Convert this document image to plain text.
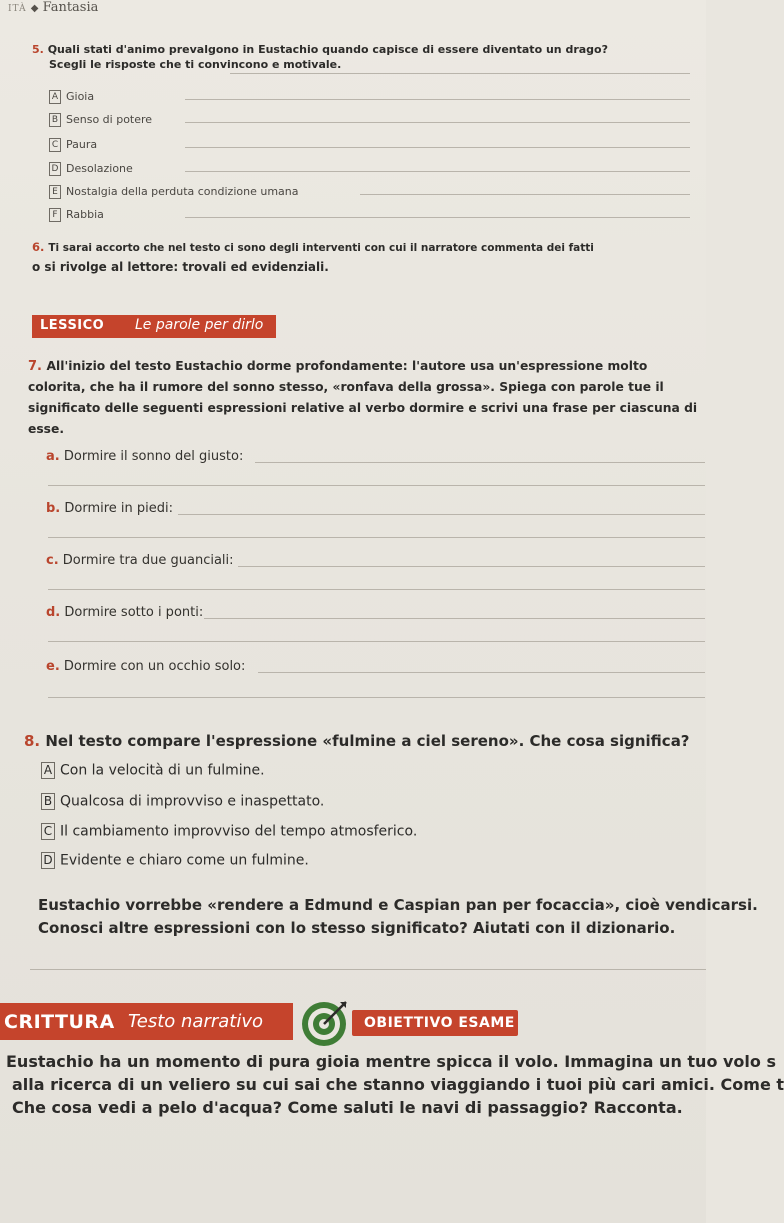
ITÀ ◆ Fantasia
5. Quali stati d'animo prevalgono in Eustachio quando capisce di essere diventato un drago?
Scegli le risposte che ti convincono e motivale.
A Gioia
B Senso di potere
C Paura
D Desolazione
E Nostalgia della perduta condizione umana
F Rabbia
6. Ti sarai accorto che nel testo ci sono degli interventi con cui il narratore commenta dei fatti
o si rivolge al lettore: trovali ed evidenziali.
LESSICO Le parole per dirlo
7. All'inizio del testo Eustachio dorme profondamente: l'autore usa un'espressione molto colorita, che ha il rumore del sonno stesso, «ronfava della grossa». Spiega con parole tue il significato delle seguenti espressioni relative al verbo dormire e scrivi una frase per ciascuna di esse.
a. Dormire il sonno del giusto:
b. Dormire in piedi:
c. Dormire tra due guanciali:
d. Dormire sotto i ponti:
e. Dormire con un occhio solo:
8. Nel testo compare l'espressione «fulmine a ciel sereno». Che cosa significa?
A Con la velocità di un fulmine.
B Qualcosa di improvviso e inaspettato.
C Il cambiamento improvviso del tempo atmosferico.
D Evidente e chiaro come un fulmine.
Eustachio vorrebbe «rendere a Edmund e Caspian pan per focaccia», cioè vendicarsi.
Conosci altre espressioni con lo stesso significato? Aiutati con il dizionario.
CRITTURA Testo narrativo	OBIETTIVO ESAME
Eustachio ha un momento di pura gioia mentre spicca il volo. Immagina un tuo volo s
alla ricerca di un veliero su cui sai che stanno viaggiando i tuoi più cari amici. Come t
Che cosa vedi a pelo d'acqua? Come saluti le navi di passaggio? Racconta.
